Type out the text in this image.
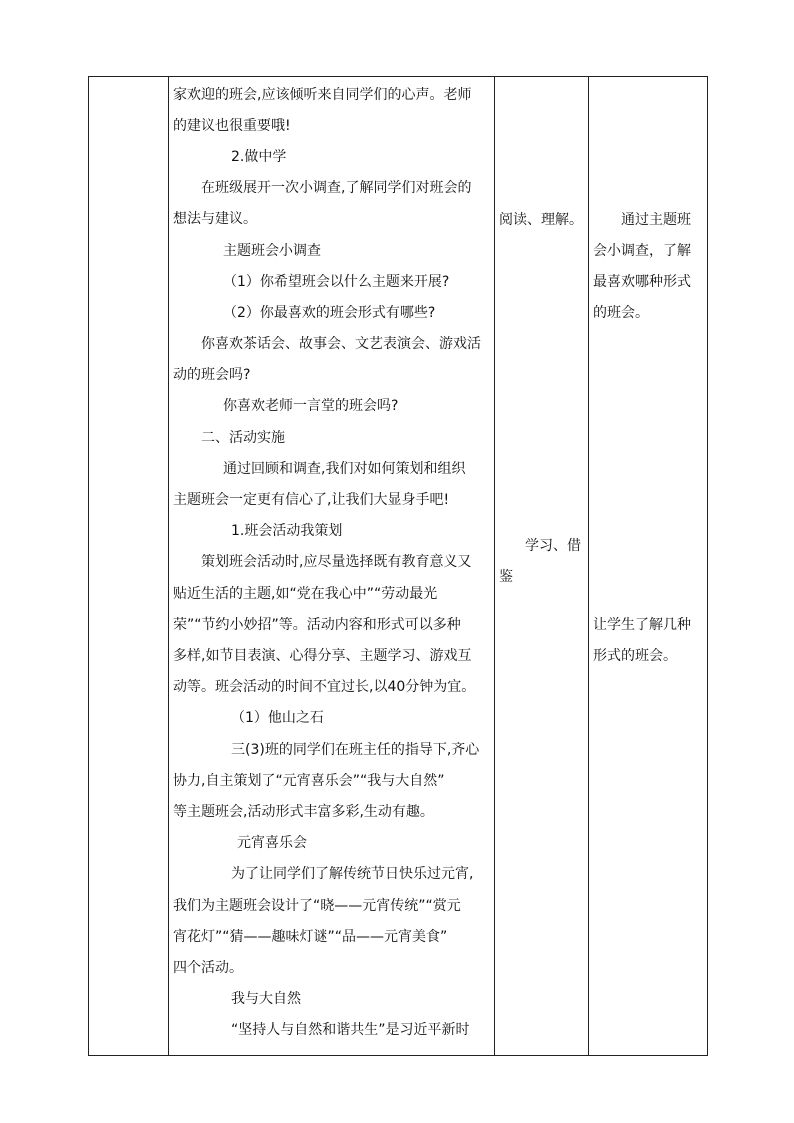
家欢迎的班会,应该倾听来自同学们的心声。老师
的建议也很重要哦!
2.做中学
在班级展开一次小调查,了解同学们对班会的
想法与建议。
主题班会小调查
（1）你希望班会以什么主题来开展?
（2）你最喜欢的班会形式有哪些?
你喜欢茶话会、故事会、文艺表演会、游戏活
动的班会吗?
你喜欢老师一言堂的班会吗?
二、活动实施
通过回顾和调查,我们对如何策划和组织
主题班会一定更有信心了,让我们大显身手吧!
1.班会活动我策划
策划班会活动时,应尽量选择既有教育意义又
贴近生活的主题,如“党在我心中”“劳动最光
荣”“节约小妙招”等。活动内容和形式可以多种
多样,如节目表演、心得分享、主题学习、游戏互
动等。班会活动的时间不宜过长,以40分钟为宜。
（1）他山之石
三(3)班的同学们在班主任的指导下,齐心
协力,自主策划了“元宵喜乐会”“我与大自然”
等主题班会,活动形式丰富多彩,生动有趣。
元宵喜乐会
为了让同学们了解传统节日快乐过元宵,
我们为主题班会设计了“晓——元宵传统”“赏元
宵花灯”“猜——趣味灯谜”“品——元宵美食”
四个活动。
我与大自然
“坚持人与自然和谐共生”是习近平新时
阅读、理解。
学习、借
鉴
通过主题班
会小调查，了解
最喜欢哪种形式
的班会。
让学生了解几种
形式的班会。
